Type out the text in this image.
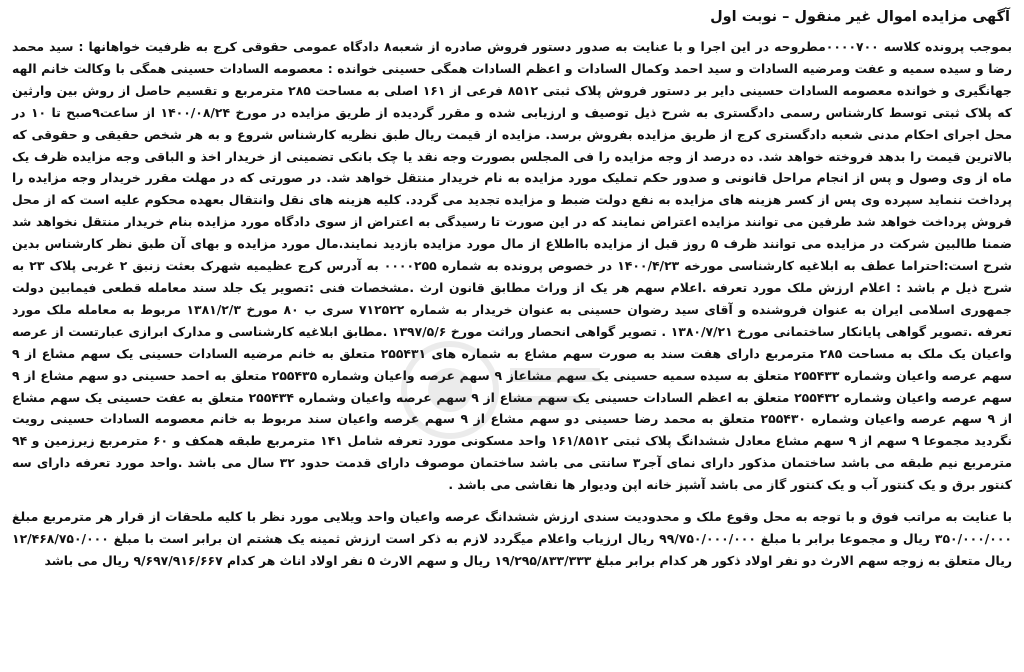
آگهی مزایده اموال غیر منقول – نوبت اول

بموجب پرونده کلاسه ۰۰۰۰۷۰۰مطروحه در این اجرا و با عنایت به صدور دستور فروش صادره از شعبه۸ دادگاه عمومی حقوقی کرج به ظرفیت خواهانها : سید محمد رضا و سیده سمیه و عفت ومرضیه السادات و سید احمد وکمال السادات و اعظم السادات همگی حسینی خوانده : معصومه السادات حسینی همگی با وکالت خانم الهه جهانگیری و خوانده معصومه السادات حسینی دایر بر دستور فروش پلاک ثبتی ۸۵۱۲ فرعی از ۱۶۱ اصلی به مساحت ۲۸۵ مترمربع و تقسیم حاصل از روش بین وارثین که پلاک ثبتی توسط کارشناس رسمی دادگستری به شرح ذیل توصیف و ارزیابی شده و مقرر گردیده از طریق مزایده در مورخ ۱۴۰۰/۰۸/۲۴ از ساعت۹صبح تا ۱۰ در محل اجرای احکام مدنی شعبه دادگستری کرج از طریق مزایده بفروش برسد. مزایده از قیمت ریال طبق نظریه کارشناس شروع و به هر شخص حقیقی و حقوقی که بالاترین قیمت را بدهد فروخته خواهد شد. ده درصد از وجه مزایده را فی المجلس بصورت وجه نقد یا چک بانکی تضمینی از خریدار اخذ و الباقی وجه مزایده ظرف یک ماه از وی وصول و پس از انجام مراحل قانونی و صدور حکم تملیک مورد مزایده به نام خریدار منتقل خواهد شد. در صورتی که در مهلت مقرر خریدار وجه مزایده را پرداخت ننماید سپرده وی پس از کسر هزینه های مزایده به نفع دولت ضبط و مزایده تجدید می گردد. کلیه هزینه های نقل وانتقال بعهده محکوم علیه است که از محل فروش پرداخت خواهد شد طرفین می توانند مزایده اعتراض نمایند که در این صورت تا رسیدگی به اعتراض از سوی دادگاه مورد مزایده بنام خریدار منتقل نخواهد شد ضمنا طالبین شرکت در مزایده می توانند ظرف ۵ روز قبل از مزایده بااطلاع از مال مورد مزایده بازدید نمایند.مال مورد مزایده و بهای آن طبق نظر کارشناس بدین شرح است:احتراما عطف به ابلاغیه کارشناسی مورخه ۱۴۰۰/۴/۲۳ در خصوص پرونده به شماره ۰۰۰۰۲۵۵ به آدرس کرج عظیمیه شهرک بعثت زنبق ۲ غربی پلاک ۲۳ به شرح ذیل م باشد : اعلام ارزش ملک مورد تعرفه .اعلام سهم هر یک از وراث مطابق قانون ارث .مشخصات فنی :تصویر یک جلد سند معامله قطعی فیمابین دولت جمهوری اسلامی ایران به عنوان فروشنده و آقای سید رضوان حسینی به عنوان خریدار به شماره ۷۱۲۵۲۲ سری ب ۸۰ مورخ ۱۳۸۱/۲/۳ مربوط به معامله ملک مورد تعرفه .تصویر گواهی پایانکار ساختمانی مورخ ۱۳۸۰/۷/۲۱ . تصویر گواهی انحصار وراثت مورخ ۱۳۹۷/۵/۶ .مطابق ابلاغیه کارشناسی و مدارک ابرازی عبارتست از عرصه واعیان یک ملک به مساحت ۲۸۵ مترمربع دارای هفت سند به صورت سهم مشاع به شماره های ۲۵۵۴۳۱ متعلق به خانم مرضیه السادات حسینی یک سهم مشاع از ۹ سهم عرصه واعیان وشماره ۲۵۵۴۳۳ متعلق به سیده سمیه حسینی یک سهم مشاعاز ۹ سهم عرصه واعیان وشماره ۲۵۵۴۳۵ متعلق به احمد حسینی دو سهم مشاع از ۹ سهم عرصه واعیان وشماره ۲۵۵۴۳۲ متعلق به اعظم السادات حسینی یک سهم مشاع از ۹ سهم عرصه واعیان وشماره ۲۵۵۴۳۴ متعلق به عفت حسینی یک سهم مشاع از ۹ سهم عرصه واعیان وشماره ۲۵۵۴۳۰ متعلق به محمد رضا حسینی دو سهم مشاع از ۹ سهم عرصه واعیان سند مربوط به خانم معصومه السادات حسینی رویت نگردید مجموعا ۹ سهم از ۹ سهم مشاع معادل ششدانگ پلاک ثبتی ۱۶۱/۸۵۱۲ واحد مسکونی مورد تعرفه شامل ۱۴۱ مترمربع طبقه همکف و ۶۰ مترمربع زیرزمین و ۹۴ مترمربع نیم طبقه می باشد ساختمان مذکور دارای نمای آجر۳ سانتی می باشد ساختمان موصوف دارای قدمت حدود ۳۲ سال می باشد .واحد مورد تعرفه دارای سه کنتور برق و یک کنتور آب و یک کنتور گاز می باشد آشپز خانه اپن ودیوار ها نقاشی می باشد .

با عنایت به مراتب فوق و با توجه به محل وقوع ملک و محدودیت سندی ارزش ششدانگ عرصه واعیان واحد ویلایی مورد نظر با کلیه ملحقات از قرار هر مترمربع مبلغ ۳۵۰/۰۰۰/۰۰۰ ریال و مجموعا برابر با مبلغ ۹۹/۷۵۰/۰۰۰/۰۰۰ ریال ارزیاب واعلام میگردد لازم به ذکر است ارزش ثمینه یک هشتم ان برابر است با مبلغ ۱۲/۴۶۸/۷۵۰/۰۰۰ ریال متعلق به زوجه سهم الارث دو نفر اولاد ذکور هر کدام برابر مبلغ ۱۹/۲۹۵/۸۳۳/۳۳۳ ریال و سهم الارث ۵ نفر اولاد اناث هر کدام ۹/۶۹۷/۹۱۶/۶۶۷ ریال می باشد
